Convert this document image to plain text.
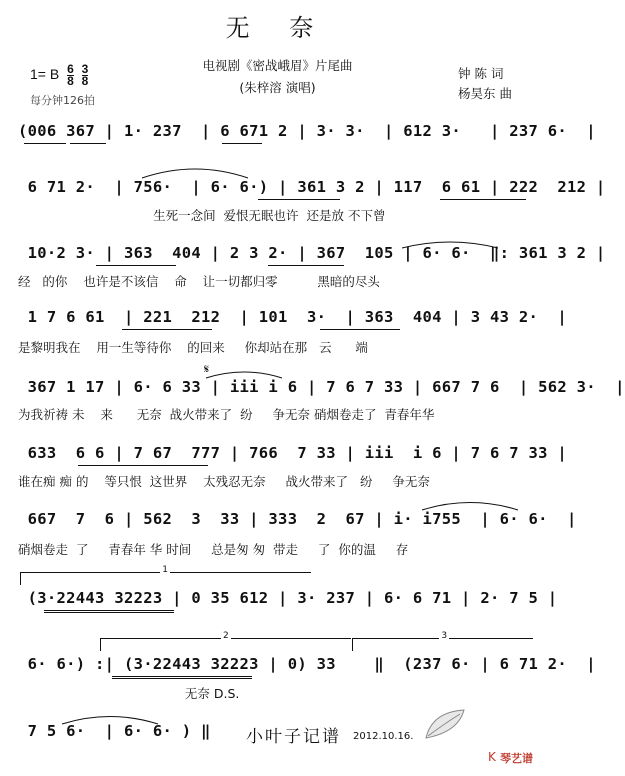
无 奈
电视剧《密战峨眉》片尾曲
(朱梓溶 演唱)
钟 陈 词
杨昊东 曲
1= B $\frac{6}{8}$
$\frac{3}{8}$
每分钟126拍
(006 367 | 1· 237  | 6 671 2 | 3· 3·  | 612 3·   | 237 6·  |
6 71 2·  | 756·  | 6· 6·) | 361 3 2 | 117  6 61 | 222  212 |
生死一念间  爱恨无眠也许  还是放 不下曾
10·2 3· | 363  404 | 2 3 2· | 367  105 | 6· 6·  ‖: 361 3 2 |
经   的你    也许是不该信    命    让一切都归零          黑暗的尽头
1 7 6 61  | 221  212  | 101  3·  | 363  404 | 3 43 2·  |
是黎明我在    用一生等待你    的回来     你却站在那   云      端
𝄋
367 1 17 | 6· 6 33 | iii i 6 | 7 6 7 33 | 667 7 6  | 562 3·  |
为我祈祷 未    来      无奈  战火带来了  纷     争无奈 硝烟卷走了  青春年华
633  6 6 | 7 67  777 | 766  7 33 | iii  i 6 | 7 6 7 33 |
谁在痴 痴 的    等只恨  这世界    太残忍无奈     战火带来了   纷     争无奈
667  7  6 | 562  3  33 | 333  2  67 | i· i755  | 6· 6·  |
硝烟卷走  了     青春年 华 时间     总是匆 匆  带走     了  你的温     存
1
(3·22443 32223 | 0 35 612 | 3· 237 | 6· 6 71 | 2· 7 5 |
2	3
6· 6·) :| (3·22443 32223 | 0) 33    ‖  (237 6· | 6 71 2·  |
无奈 D.S.
7 5 6·  | 6· 6· ) ‖ 小叶子记谱 2012.10.16.
K 琴艺谱
